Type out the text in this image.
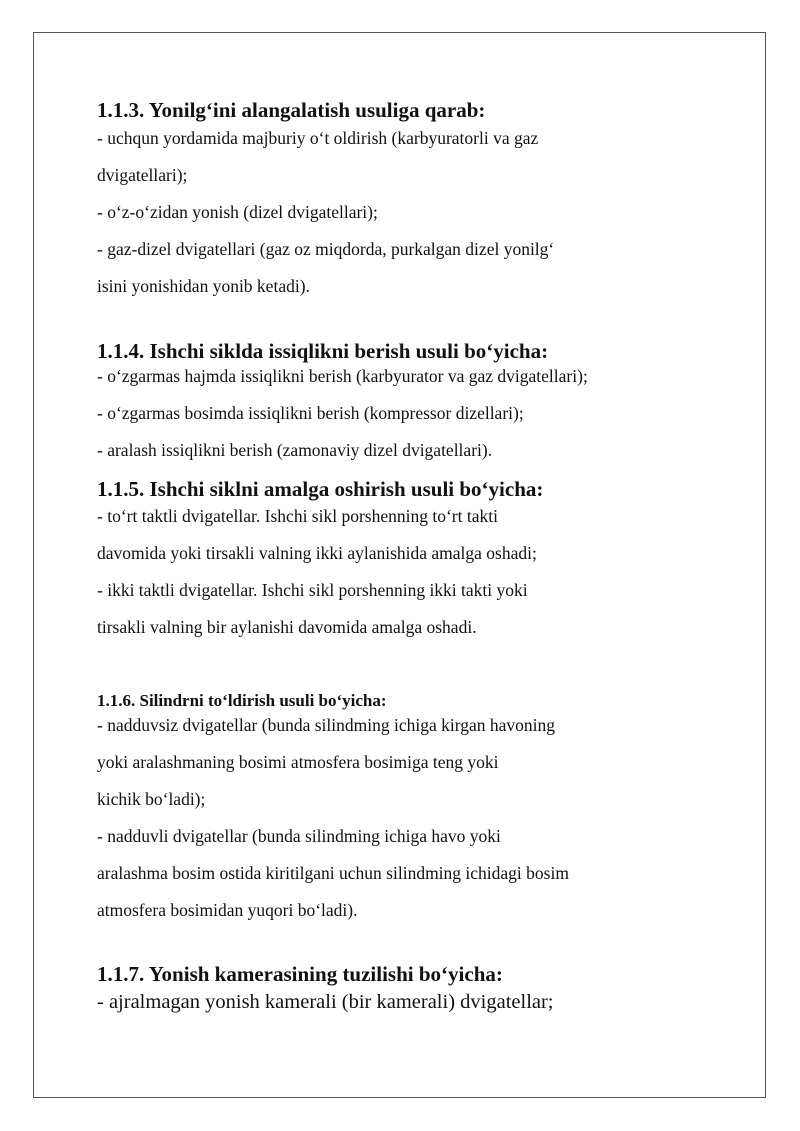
1.1.3. Yonilg‘ini alangalatish usuliga qarab:

- uchqun yordamida majburiy o‘t oldirish (karbyuratorli va gaz

dvigatellari);

- o‘z-o‘zidan yonish (dizel dvigatellari);

- gaz-dizel dvigatellari (gaz oz miqdorda, purkalgan dizel yonilg‘

isini yonishidan yonib ketadi).

1.1.4. Ishchi siklda issiqlikni berish usuli bo‘yicha:

- o‘zgarmas hajmda issiqlikni berish (karbyurator va gaz dvigatellari);

- o‘zgarmas bosimda issiqlikni berish (kompressor dizellari);

- aralash issiqlikni berish (zamonaviy dizel dvigatellari).

1.1.5. Ishchi siklni amalga oshirish usuli bo‘yicha:

- to‘rt taktli dvigatellar. Ishchi sikl porshenning to‘rt takti

davomida yoki tirsakli valning ikki aylanishida amalga oshadi;

- ikki taktli dvigatellar. Ishchi sikl porshenning ikki takti yoki

tirsakli valning bir aylanishi davomida amalga oshadi.

1.1.6. Silindrni to‘ldirish usuli bo‘yicha:

- nadduvsiz dvigatellar (bunda silindming ichiga kirgan havoning

yoki aralashmaning bosimi atmosfera bosimiga teng yoki

kichik bo‘ladi);

- nadduvli dvigatellar (bunda silindming ichiga havo yoki

aralashma bosim ostida kiritilgani uchun silindming ichidagi bosim

atmosfera bosimidan yuqori bo‘ladi).

1.1.7. Yonish kamerasining tuzilishi bo‘yicha:

- ajralmagan yonish kamerali (bir kamerali) dvigatellar;
